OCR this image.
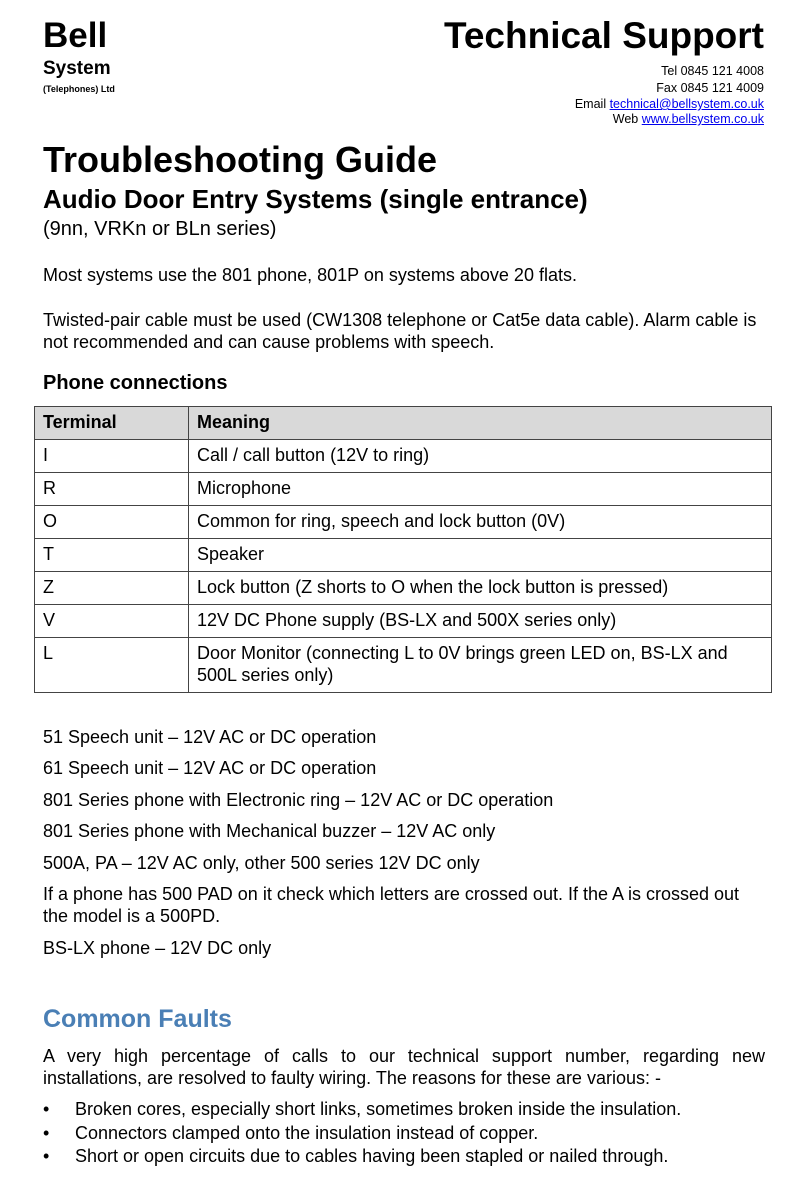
Bell
System
(Telephones) Ltd
Technical Support
Tel 0845 121 4008
Fax 0845 121 4009
Email technical@bellsystem.co.uk
Web www.bellsystem.co.uk
Troubleshooting Guide
Audio Door Entry Systems (single entrance)
(9nn, VRKn or BLn series)
Most systems use the 801 phone, 801P on systems above 20 flats.
Twisted-pair cable must be used (CW1308 telephone or Cat5e data cable). Alarm cable is not recommended and can cause problems with speech.
Phone connections
Terminal	Meaning
I	Call / call button (12V to ring)
R	Microphone
O	Common for ring, speech and lock button (0V)
T	Speaker
Z	Lock button (Z shorts to O when the lock button is pressed)
V	12V DC Phone supply (BS-LX and 500X series only)
L	Door Monitor (connecting L to 0V brings green LED on, BS-LX and 500L series only)
51 Speech unit – 12V AC or DC operation
61 Speech unit – 12V AC or DC operation
801 Series phone with Electronic ring – 12V AC or DC operation
801 Series phone with Mechanical buzzer – 12V AC only
500A, PA – 12V AC only, other 500 series 12V DC only
If a phone has 500 PAD on it check which letters are crossed out. If the A is crossed out the model is a 500PD.
BS-LX phone – 12V DC only
Common Faults
A very high percentage of calls to our technical support number, regarding new installations, are resolved to faulty wiring. The reasons for these are various: -
• Broken cores, especially short links, sometimes broken inside the insulation.
• Connectors clamped onto the insulation instead of copper.
• Short or open circuits due to cables having been stapled or nailed through.
